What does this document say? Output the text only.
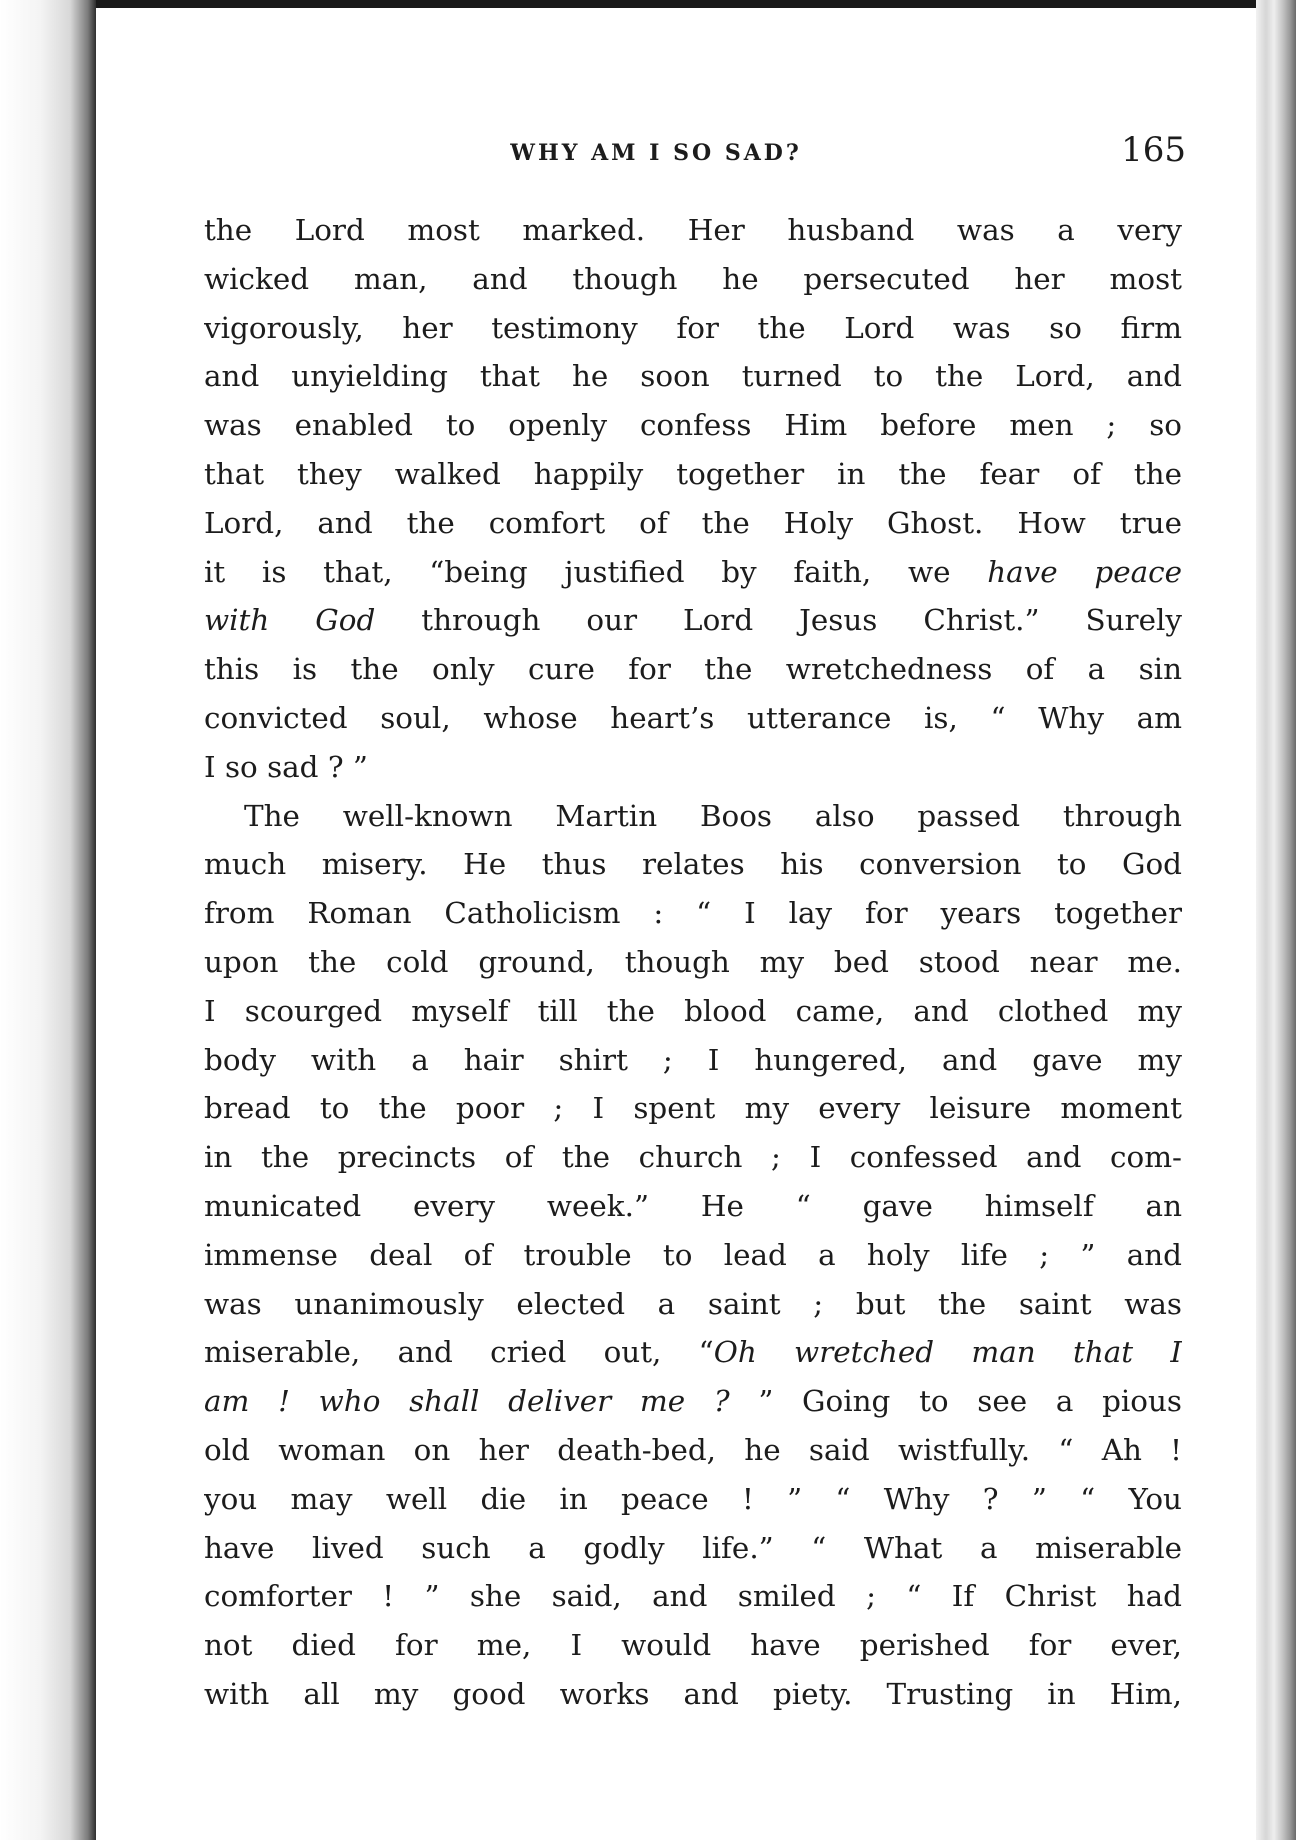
WHY AM I SO SAD?	165
the Lord most marked. Her husband was a very
wicked man, and though he persecuted her most
vigorously, her testimony for the Lord was so firm
and unyielding that he soon turned to the Lord, and
was enabled to openly confess Him before men ; so
that they walked happily together in the fear of the
Lord, and the comfort of the Holy Ghost. How true
it is that, “being justified by faith, we have peace
with God through our Lord Jesus Christ.” Surely
this is the only cure for the wretchedness of a sin
convicted soul, whose heart’s utterance is, “ Why am
I so sad ? ”
The well-known Martin Boos also passed through
much misery. He thus relates his conversion to God
from Roman Catholicism : “ I lay for years together
upon the cold ground, though my bed stood near me.
I scourged myself till the blood came, and clothed my
body with a hair shirt ; I hungered, and gave my
bread to the poor ; I spent my every leisure moment
in the precincts of the church ; I confessed and com-
municated every week.” He “ gave himself an
immense deal of trouble to lead a holy life ; ” and
was unanimously elected a saint ; but the saint was
miserable, and cried out, “Oh wretched man that I
am ! who shall deliver me ? ” Going to see a pious
old woman on her death-bed, he said wistfully. “ Ah !
you may well die in peace ! ” “ Why ? ” “ You
have lived such a godly life.” “ What a miserable
comforter ! ” she said, and smiled ; “ If Christ had
not died for me, I would have perished for ever,
with all my good works and piety. Trusting in Him,
